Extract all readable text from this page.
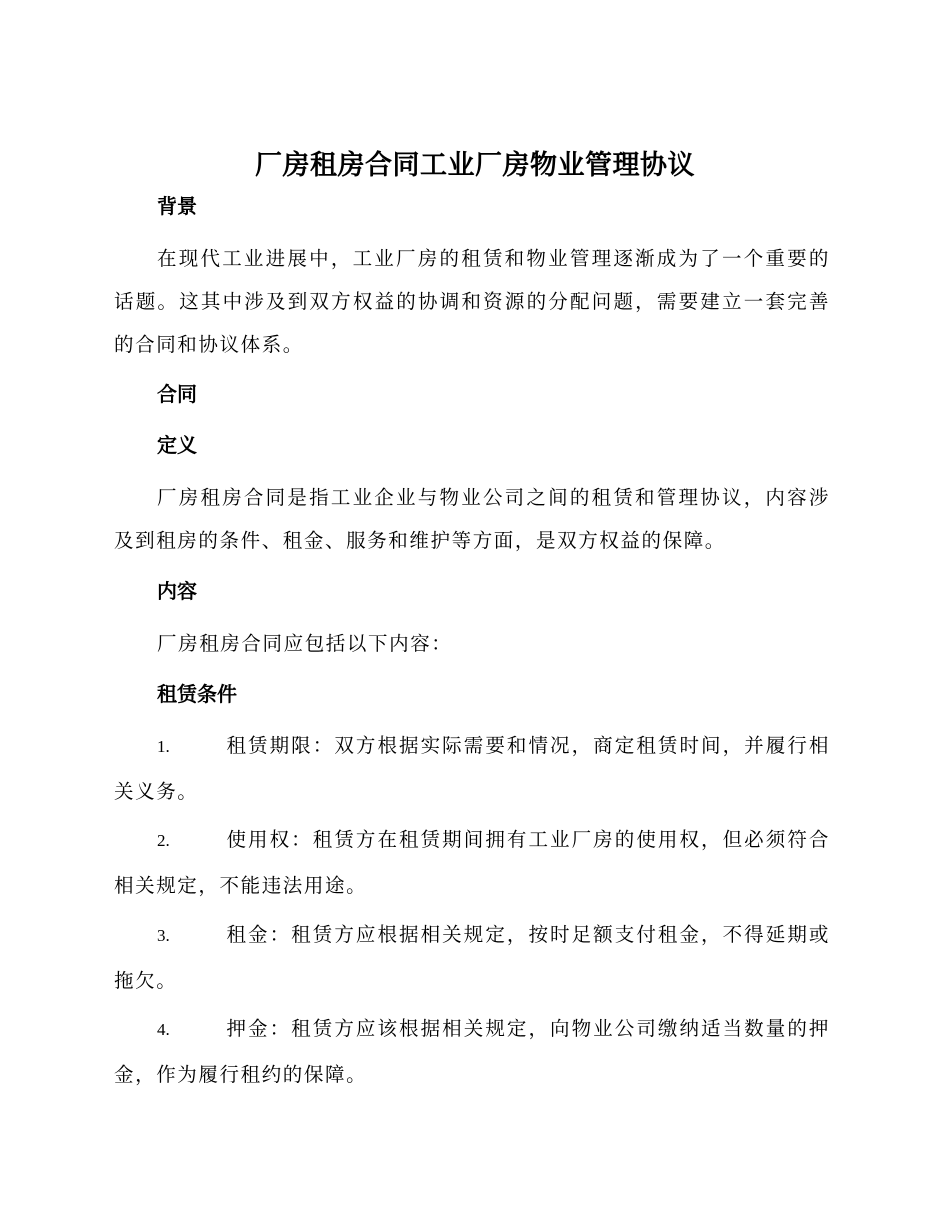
厂房租房合同工业厂房物业管理协议
背景
在现代工业进展中，工业厂房的租赁和物业管理逐渐成为了一个重要的话题。这其中涉及到双方权益的协调和资源的分配问题，需要建立一套完善的合同和协议体系。
合同
定义
厂房租房合同是指工业企业与物业公司之间的租赁和管理协议，内容涉及到租房的条件、租金、服务和维护等方面，是双方权益的保障。
内容
厂房租房合同应包括以下内容：
租赁条件
1.	租赁期限：双方根据实际需要和情况，商定租赁时间，并履行相关义务。
2.	使用权：租赁方在租赁期间拥有工业厂房的使用权，但必须符合相关规定，不能违法用途。
3.	租金：租赁方应根据相关规定，按时足额支付租金，不得延期或拖欠。
4.	押金：租赁方应该根据相关规定，向物业公司缴纳适当数量的押金，作为履行租约的保障。
